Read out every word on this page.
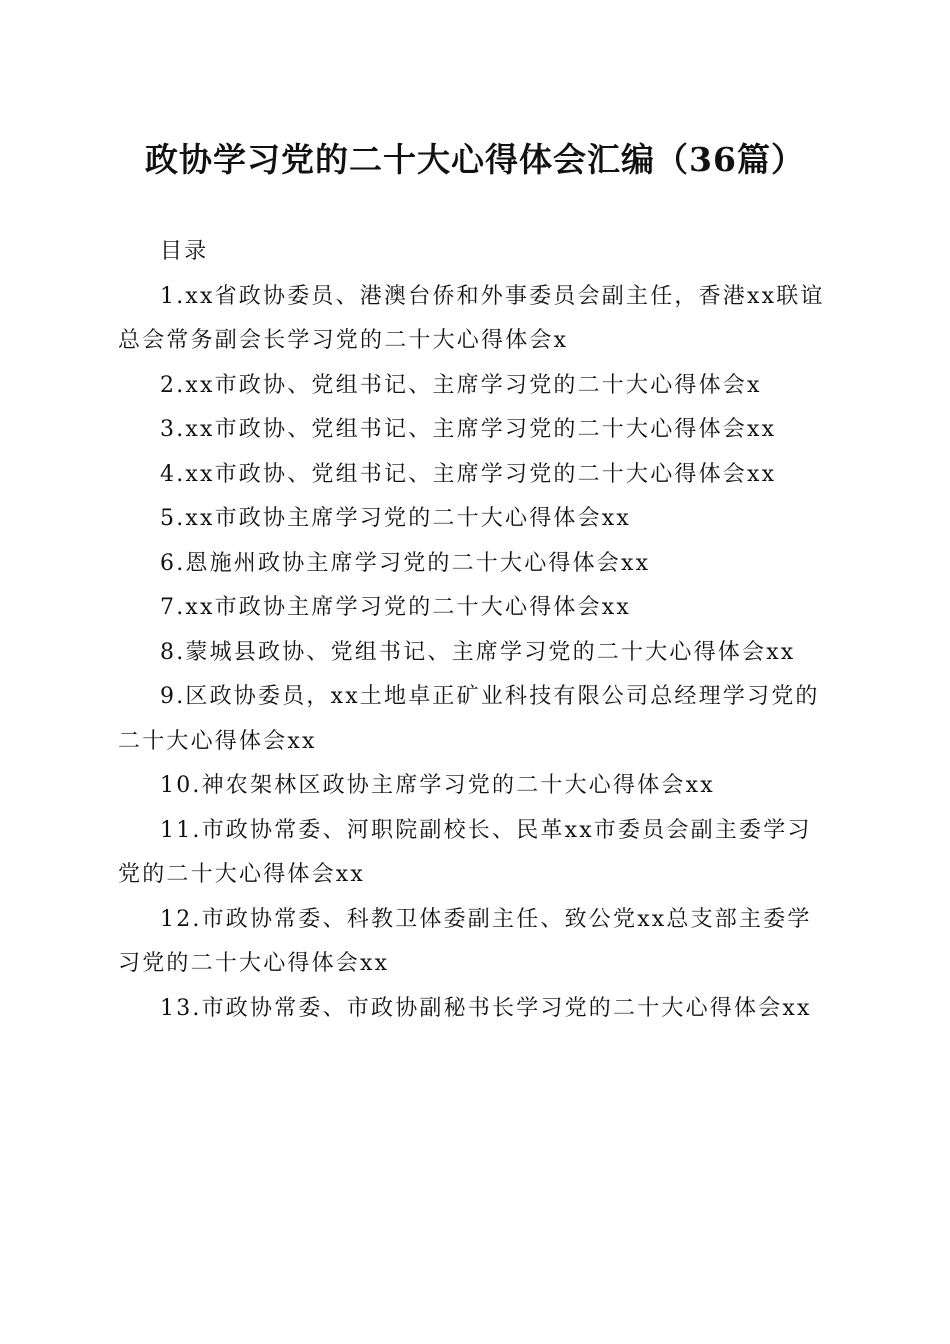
政协学习党的二十大心得体会汇编（36篇）

目录

1.xx省政协委员、港澳台侨和外事委员会副主任，香港xx联谊总会常务副会长学习党的二十大心得体会x

2.xx市政协、党组书记、主席学习党的二十大心得体会x

3.xx市政协、党组书记、主席学习党的二十大心得体会xx

4.xx市政协、党组书记、主席学习党的二十大心得体会xx

5.xx市政协主席学习党的二十大心得体会xx

6.恩施州政协主席学习党的二十大心得体会xx

7.xx市政协主席学习党的二十大心得体会xx

8.蒙城县政协、党组书记、主席学习党的二十大心得体会xx

9.区政协委员，xx土地卓正矿业科技有限公司总经理学习党的二十大心得体会xx

10.神农架林区政协主席学习党的二十大心得体会xx

11.市政协常委、河职院副校长、民革xx市委员会副主委学习党的二十大心得体会xx

12.市政协常委、科教卫体委副主任、致公党xx总支部主委学习党的二十大心得体会xx

13.市政协常委、市政协副秘书长学习党的二十大心得体会xx
